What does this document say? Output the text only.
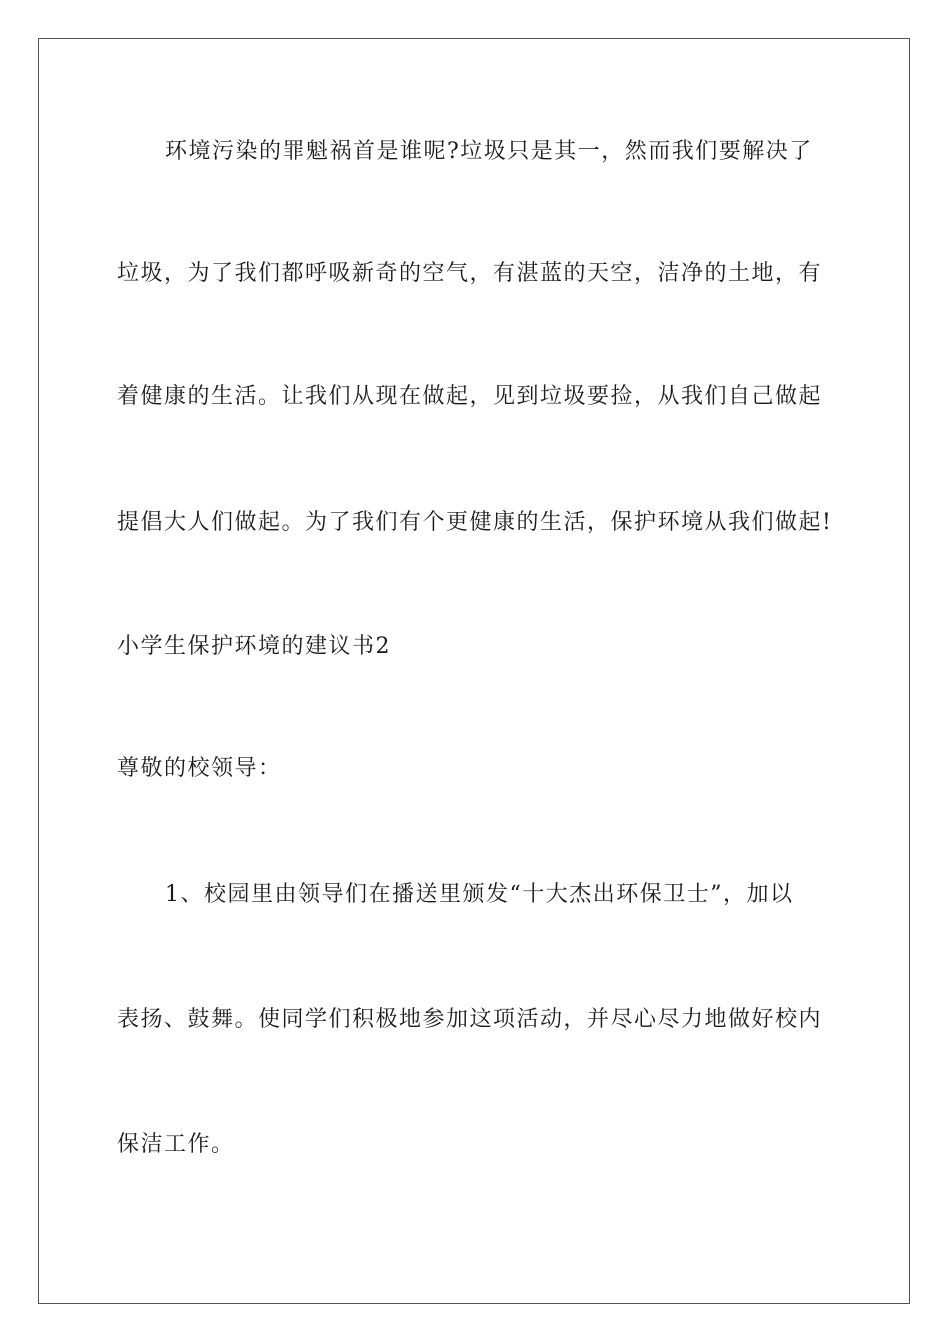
环境污染的罪魁祸首是谁呢?垃圾只是其一，然而我们要解决了
垃圾，为了我们都呼吸新奇的空气，有湛蓝的天空，洁净的土地，有
着健康的生活。让我们从现在做起，见到垃圾要捡，从我们自己做起
提倡大人们做起。为了我们有个更健康的生活，保护环境从我们做起!
小学生保护环境的建议书2
尊敬的校领导：
1、校园里由领导们在播送里颁发“十大杰出环保卫士”，加以
表扬、鼓舞。使同学们积极地参加这项活动，并尽心尽力地做好校内
保洁工作。
